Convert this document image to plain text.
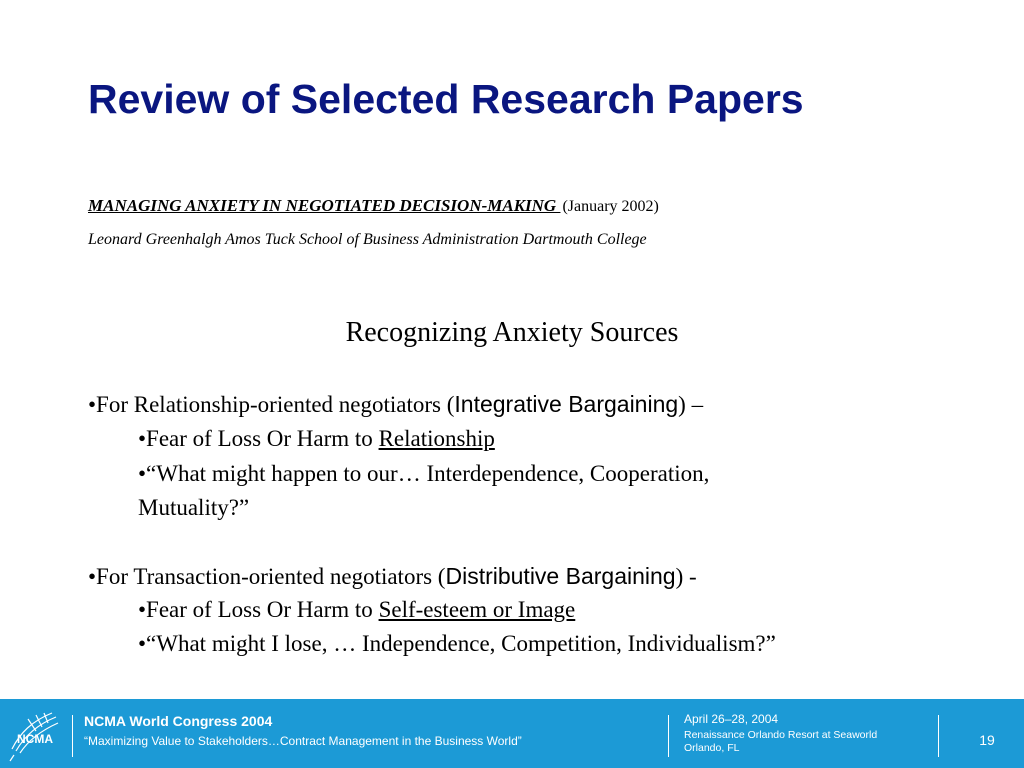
Review of Selected Research Papers
MANAGING ANXIETY IN NEGOTIATED DECISION-MAKING (January 2002)
Leonard Greenhalgh Amos Tuck School of Business Administration Dartmouth College
Recognizing Anxiety Sources
•For Relationship-oriented negotiators (Integrative Bargaining) –
•Fear of Loss Or Harm to Relationship
•“What might happen to our… Interdependence, Cooperation,
Mutuality?”
•For Transaction-oriented negotiators (Distributive Bargaining) -
•Fear of Loss Or Harm to Self-esteem or Image
•“What might I lose, … Independence, Competition, Individualism?”
NCMA
NCMA World Congress 2004
“Maximizing Value to Stakeholders…Contract Management in the Business World”
April 26–28, 2004
Renaissance Orlando Resort at Seaworld
Orlando, FL	19
